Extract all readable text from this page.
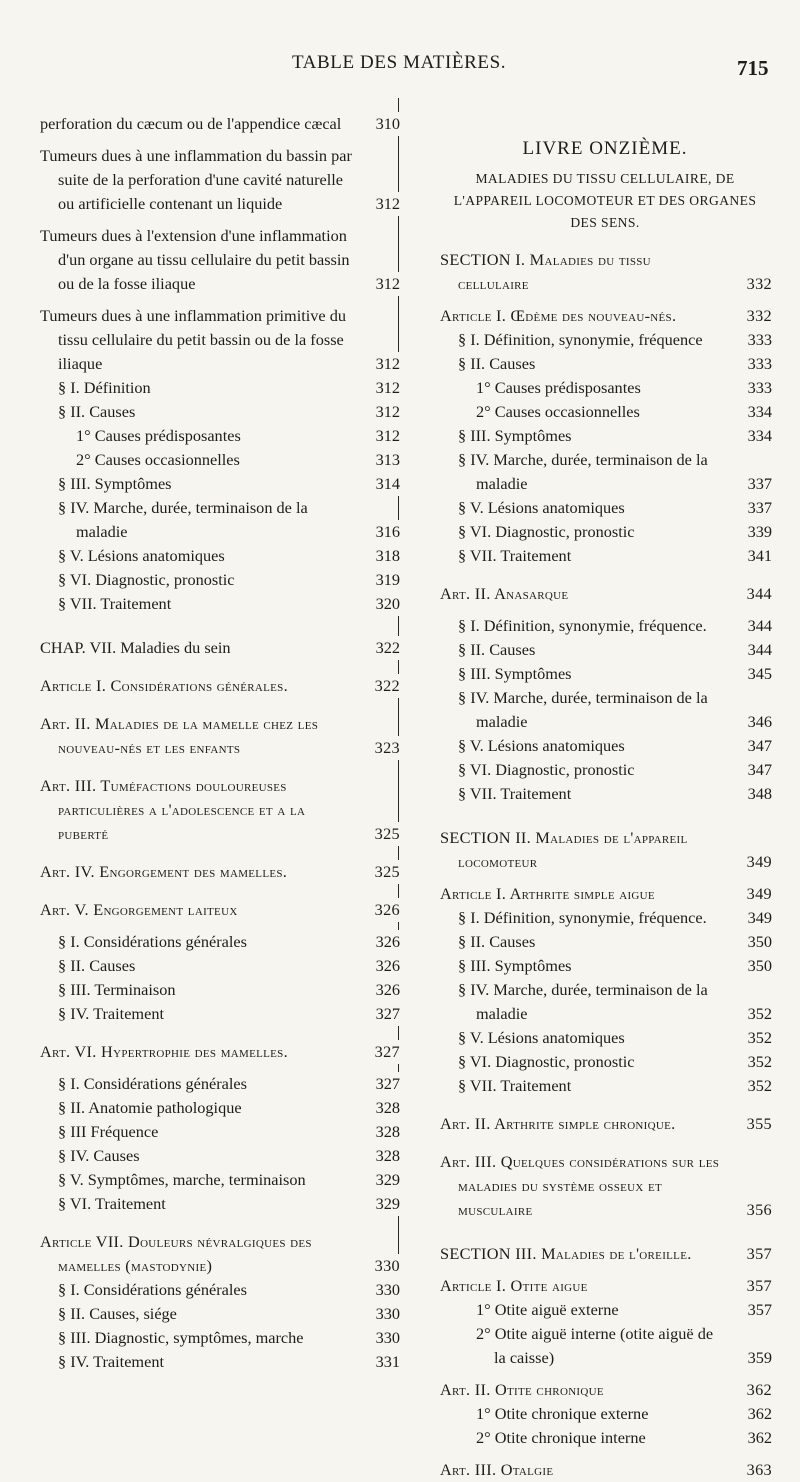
TABLE DES MATIÈRES.	715
perforation du cæcum ou de l'appendice cæcal	310
Tumeurs dues à une inflammation du bassin par suite de la perforation d'une cavité naturelle ou artificielle contenant un liquide	312
Tumeurs dues à l'extension d'une inflammation d'un organe au tissu cellulaire du petit bassin ou de la fosse iliaque	312
Tumeurs dues à une inflammation primitive du tissu cellulaire du petit bassin ou de la fosse iliaque	312
§ I. Définition	312
§ II. Causes	312
1° Causes prédisposantes	312
2° Causes occasionnelles	313
§ III. Symptômes	314
§ IV. Marche, durée, terminaison de la maladie	316
§ V. Lésions anatomiques	318
§ VI. Diagnostic, pronostic	319
§ VII. Traitement	320
CHAP. VII. Maladies du sein	322
Article I. Considérations générales.	322
Art. II. Maladies de la mamelle chez les nouveau-nés et les enfants	323
Art. III. Tuméfactions douloureuses particulières a l'adolescence et a la puberté	325
Art. IV. Engorgement des mamelles.	325
Art. V. Engorgement laiteux	326
§ I. Considérations générales	326
§ II. Causes	326
§ III. Terminaison	326
§ IV. Traitement	327
Art. VI. Hypertrophie des mamelles.	327
§ I. Considérations générales	327
§ II. Anatomie pathologique	328
§ III Fréquence	328
§ IV. Causes	328
§ V. Symptômes, marche, terminaison	329
§ VI. Traitement	329
Article VII. Douleurs névralgiques des mamelles (mastodynie)	330
§ I. Considérations générales	330
§ II. Causes, siége	330
§ III. Diagnostic, symptômes, marche	330
§ IV. Traitement	331
LIVRE ONZIÈME.
MALADIES DU TISSU CELLULAIRE, DE L'APPAREIL LOCOMOTEUR ET DES ORGANES DES SENS.
SECTION I. Maladies du tissu cellulaire	332
Article I. Œdème des nouveau-nés.	332
§ I. Définition, synonymie, fréquence	333
§ II. Causes	333
1° Causes prédisposantes	333
2° Causes occasionnelles	334
§ III. Symptômes	334
§ IV. Marche, durée, terminaison de la maladie	337
§ V. Lésions anatomiques	337
§ VI. Diagnostic, pronostic	339
§ VII. Traitement	341
Art. II. Anasarque	344
§ I. Définition, synonymie, fréquence.	344
§ II. Causes	344
§ III. Symptômes	345
§ IV. Marche, durée, terminaison de la maladie	346
§ V. Lésions anatomiques	347
§ VI. Diagnostic, pronostic	347
§ VII. Traitement	348
SECTION II. Maladies de l'appareil locomoteur	349
Article I. Arthrite simple aigue	349
§ I. Définition, synonymie, fréquence.	349
§ II. Causes	350
§ III. Symptômes	350
§ IV. Marche, durée, terminaison de la maladie	352
§ V. Lésions anatomiques	352
§ VI. Diagnostic, pronostic	352
§ VII. Traitement	352
Art. II. Arthrite simple chronique.	355
Art. III. Quelques considérations sur les maladies du système osseux et musculaire	356
SECTION III. Maladies de l'oreille.	357
Article I. Otite aigue	357
1° Otite aiguë externe	357
2° Otite aiguë interne (otite aiguë de la caisse)	359
Art. II. Otite chronique	362
1° Otite chronique externe	362
2° Otite chronique interne	362
Art. III. Otalgie	363
